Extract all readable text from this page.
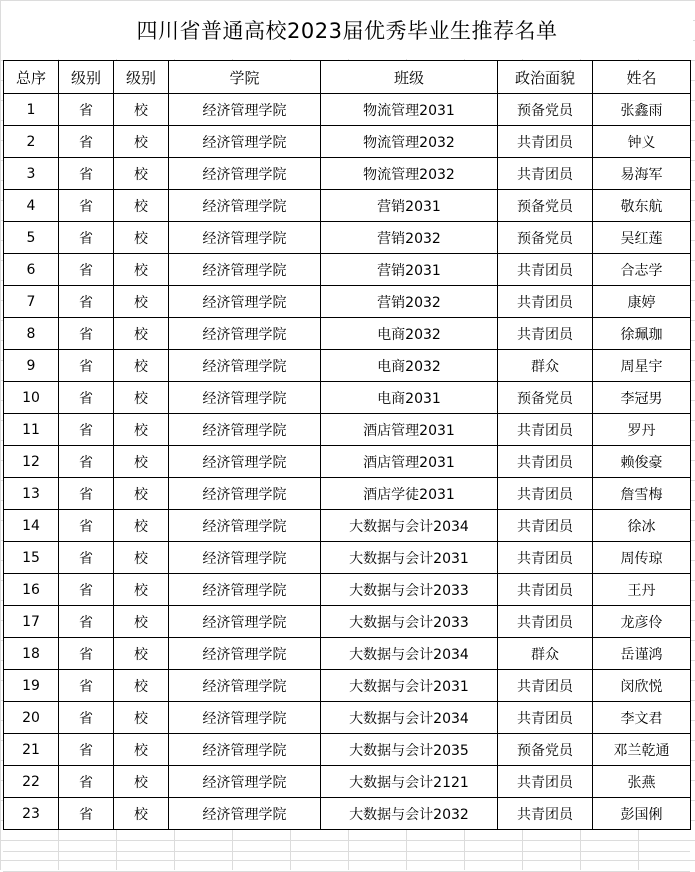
四川省普通高校2023届优秀毕业生推荐名单
总序	级别	级别	学院	班级	政治面貌	姓名
1	省	校	经济管理学院	物流管理2031	预备党员	张鑫雨
2	省	校	经济管理学院	物流管理2032	共青团员	钟义
3	省	校	经济管理学院	物流管理2032	共青团员	易海军
4	省	校	经济管理学院	营销2031	预备党员	敬东航
5	省	校	经济管理学院	营销2032	预备党员	吴红莲
6	省	校	经济管理学院	营销2031	共青团员	合志学
7	省	校	经济管理学院	营销2032	共青团员	康婷
8	省	校	经济管理学院	电商2032	共青团员	徐珮珈
9	省	校	经济管理学院	电商2032	群众	周星宇
10	省	校	经济管理学院	电商2031	预备党员	李冠男
11	省	校	经济管理学院	酒店管理2031	共青团员	罗丹
12	省	校	经济管理学院	酒店管理2031	共青团员	赖俊豪
13	省	校	经济管理学院	酒店学徒2031	共青团员	詹雪梅
14	省	校	经济管理学院	大数据与会计2034	共青团员	徐冰
15	省	校	经济管理学院	大数据与会计2031	共青团员	周传琼
16	省	校	经济管理学院	大数据与会计2033	共青团员	王丹
17	省	校	经济管理学院	大数据与会计2033	共青团员	龙彦伶
18	省	校	经济管理学院	大数据与会计2034	群众	岳谨鸿
19	省	校	经济管理学院	大数据与会计2031	共青团员	闵欣悦
20	省	校	经济管理学院	大数据与会计2034	共青团员	李文君
21	省	校	经济管理学院	大数据与会计2035	预备党员	邓兰乾通
22	省	校	经济管理学院	大数据与会计2121	共青团员	张燕
23	省	校	经济管理学院	大数据与会计2032	共青团员	彭国俐
